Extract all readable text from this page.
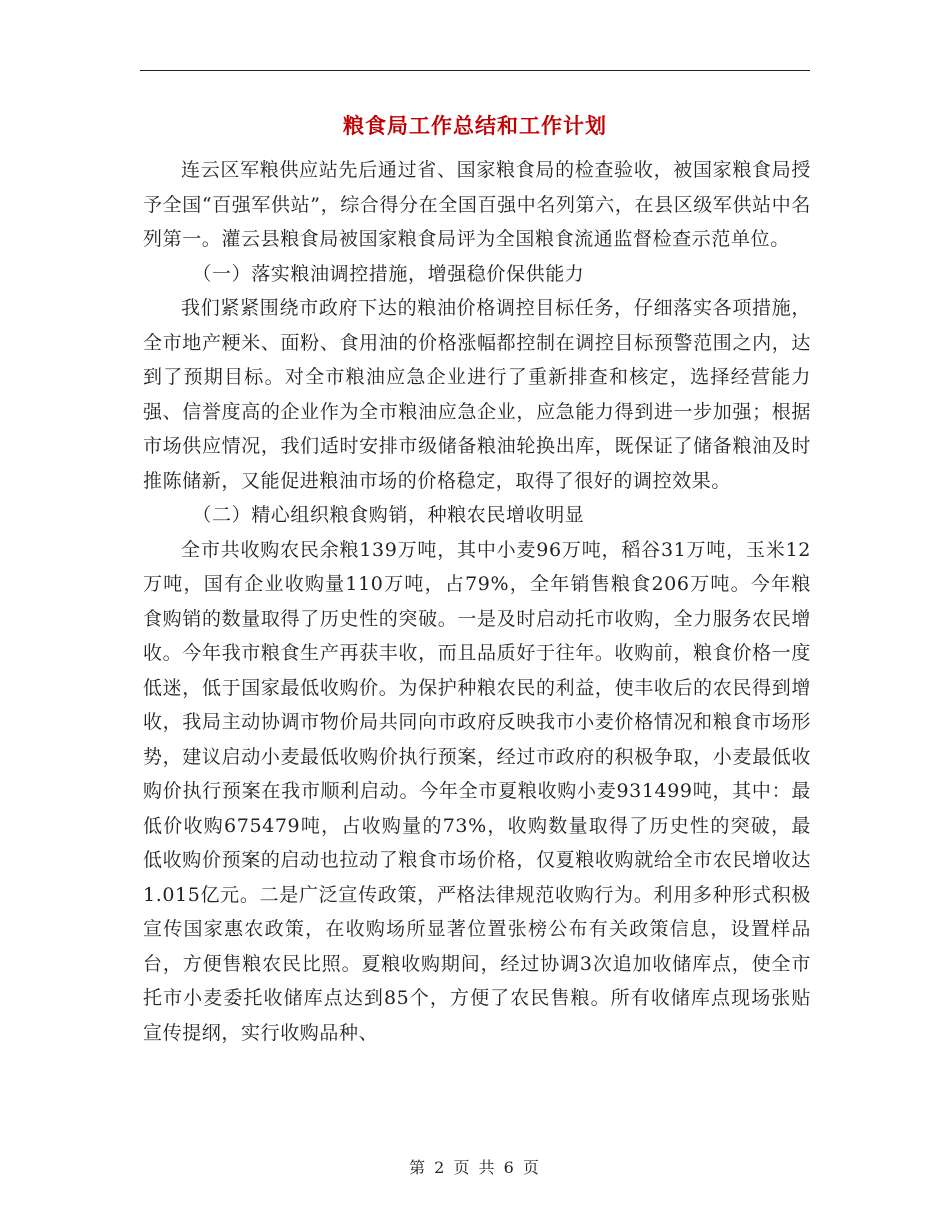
粮食局工作总结和工作计划

连云区军粮供应站先后通过省、国家粮食局的检查验收，被国家粮食局授予全国“百强军供站”，综合得分在全国百强中名列第六，在县区级军供站中名列第一。灌云县粮食局被国家粮食局评为全国粮食流通监督检查示范单位。

（一）落实粮油调控措施，增强稳价保供能力

我们紧紧围绕市政府下达的粮油价格调控目标任务，仔细落实各项措施，全市地产粳米、面粉、食用油的价格涨幅都控制在调控目标预警范围之内，达到了预期目标。对全市粮油应急企业进行了重新排查和核定，选择经营能力强、信誉度高的企业作为全市粮油应急企业，应急能力得到进一步加强；根据市场供应情况，我们适时安排市级储备粮油轮换出库，既保证了储备粮油及时推陈储新，又能促进粮油市场的价格稳定，取得了很好的调控效果。

（二）精心组织粮食购销，种粮农民增收明显

全市共收购农民余粮139万吨，其中小麦96万吨，稻谷31万吨，玉米12万吨，国有企业收购量110万吨，占79%，全年销售粮食206万吨。今年粮食购销的数量取得了历史性的突破。一是及时启动托市收购，全力服务农民增收。今年我市粮食生产再获丰收，而且品质好于往年。收购前，粮食价格一度低迷，低于国家最低收购价。为保护种粮农民的利益，使丰收后的农民得到增收，我局主动协调市物价局共同向市政府反映我市小麦价格情况和粮食市场形势，建议启动小麦最低收购价执行预案，经过市政府的积极争取，小麦最低收购价执行预案在我市顺利启动。今年全市夏粮收购小麦931499吨，其中：最低价收购675479吨，占收购量的73%，收购数量取得了历史性的突破，最低收购价预案的启动也拉动了粮食市场价格，仅夏粮收购就给全市农民增收达1.015亿元。二是广泛宣传政策，严格法律规范收购行为。利用多种形式积极宣传国家惠农政策，在收购场所显著位置张榜公布有关政策信息，设置样品台，方便售粮农民比照。夏粮收购期间，经过协调3次追加收储库点，使全市托市小麦委托收储库点达到85个，方便了农民售粮。所有收储库点现场张贴宣传提纲，实行收购品种、

第 2 页 共 6 页
